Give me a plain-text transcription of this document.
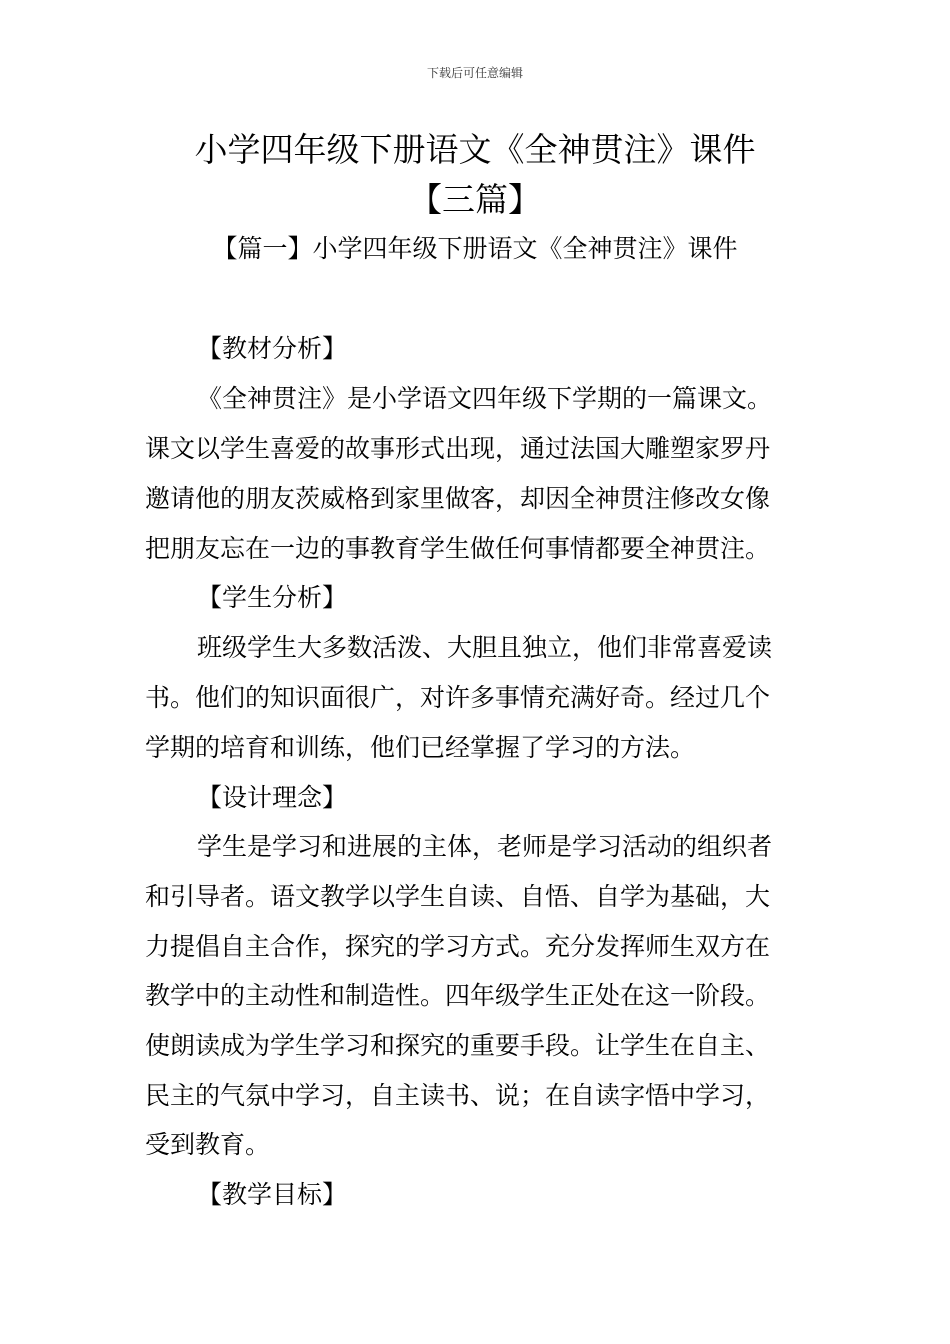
下载后可任意编辑
小学四年级下册语文《全神贯注》课件
【三篇】
【篇一】小学四年级下册语文《全神贯注》课件
【教材分析】
《全神贯注》是小学语文四年级下学期的一篇课文。
课文以学生喜爱的故事形式出现，通过法国大雕塑家罗丹
邀请他的朋友茨威格到家里做客，却因全神贯注修改女像
把朋友忘在一边的事教育学生做任何事情都要全神贯注。
【学生分析】
班级学生大多数活泼、大胆且独立，他们非常喜爱读
书。他们的知识面很广，对许多事情充满好奇。经过几个
学期的培育和训练，他们已经掌握了学习的方法。
【设计理念】
学生是学习和进展的主体，老师是学习活动的组织者
和引导者。语文教学以学生自读、自悟、自学为基础，大
力提倡自主合作，探究的学习方式。充分发挥师生双方在
教学中的主动性和制造性。四年级学生正处在这一阶段。
使朗读成为学生学习和探究的重要手段。让学生在自主、
民主的气氛中学习，自主读书、说；在自读字悟中学习，
受到教育。
【教学目标】
